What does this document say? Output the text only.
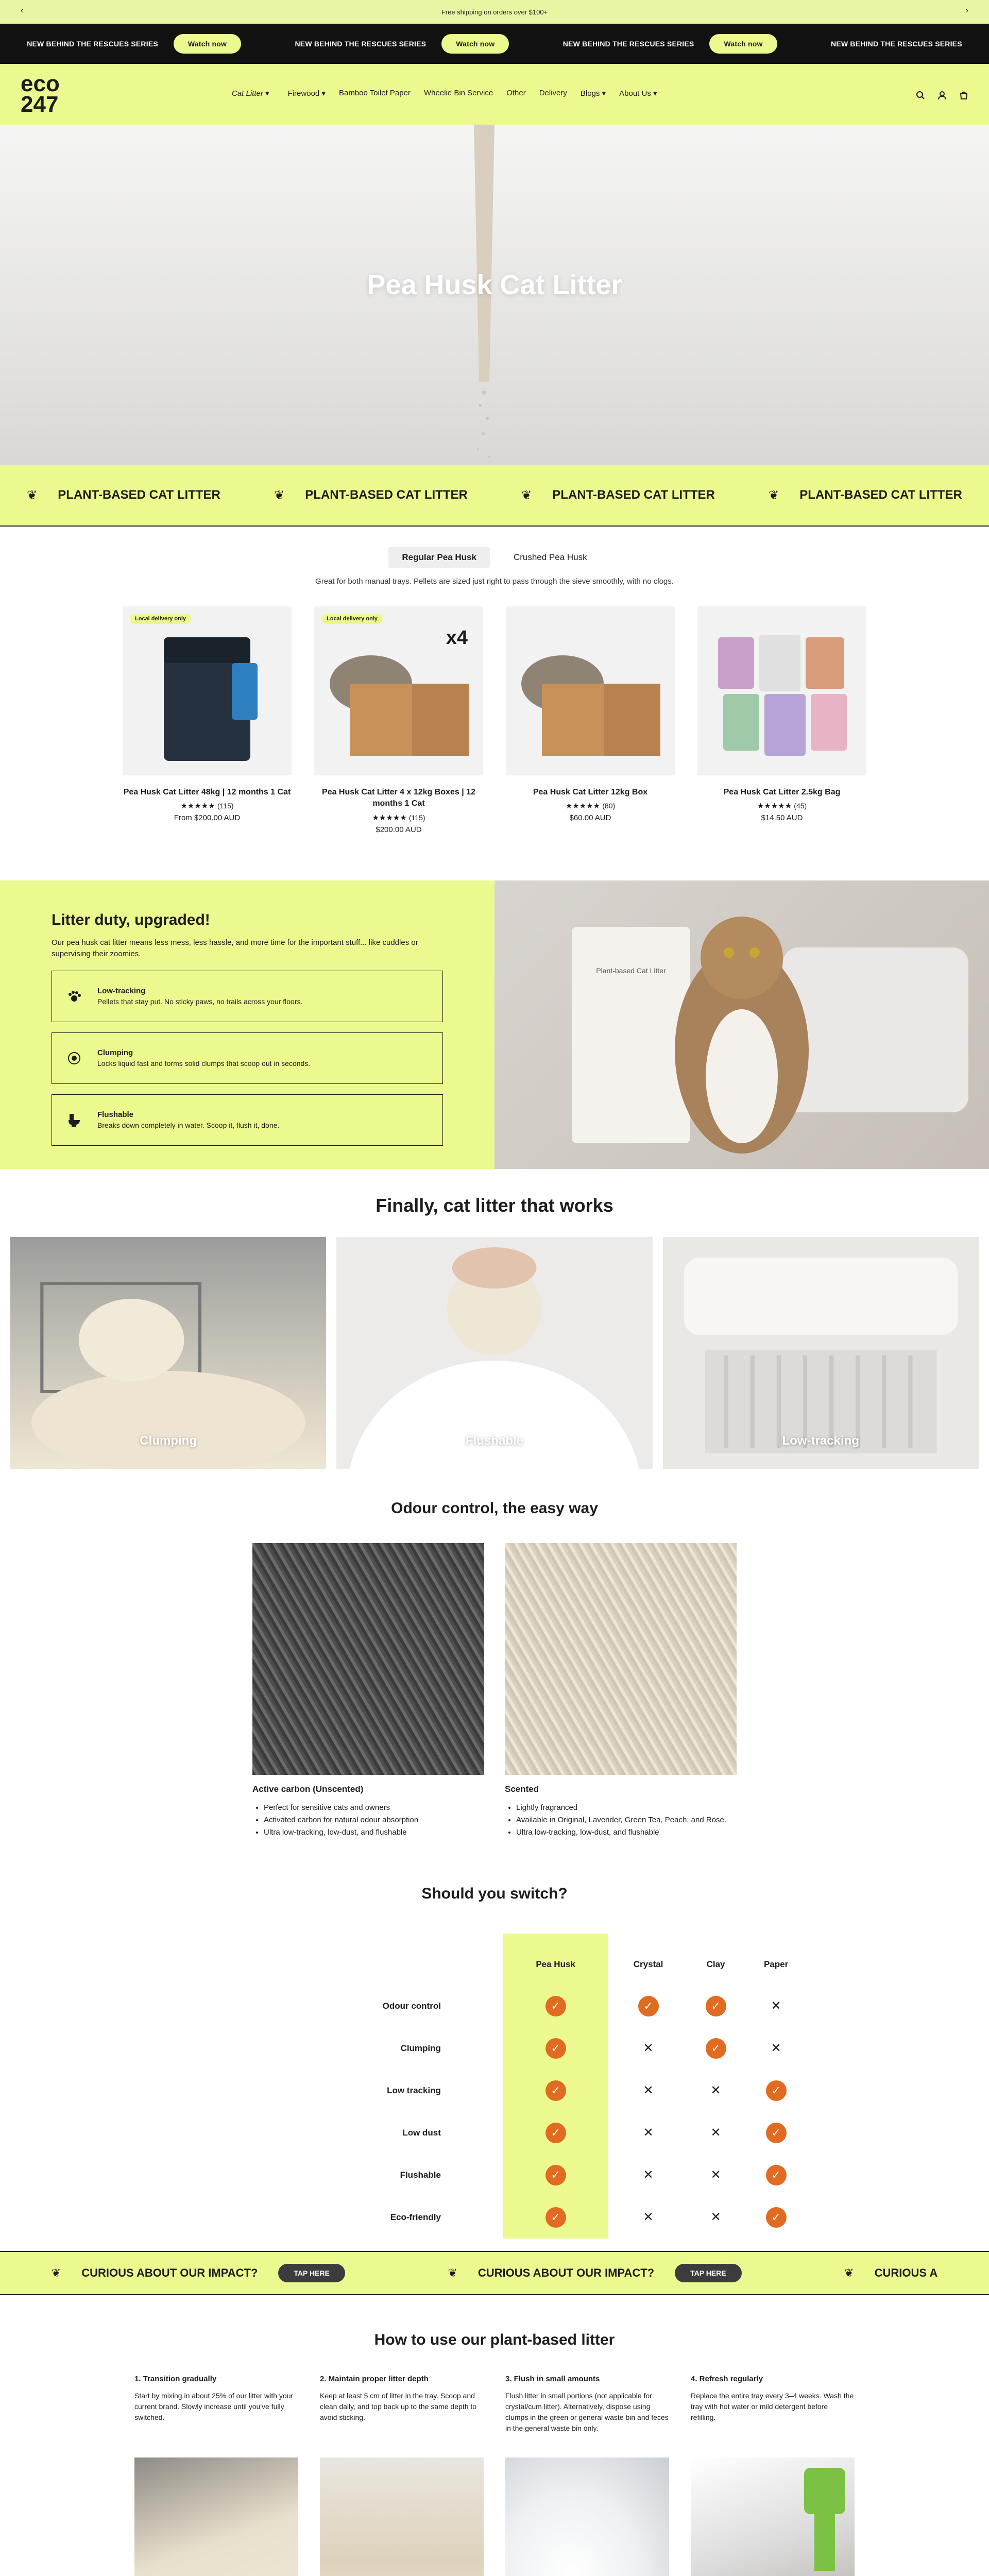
‹	Free shipping on orders over $100+	›
NEW BEHIND THE RESCUES SERIES	Watch now	NEW BEHIND THE RESCUES SERIES	Watch now	NEW BEHIND THE RESCUES SERIES	Watch now	NEW BEHIND THE RESCUES SERIES
eco
247	Cat Litter ▾	Firewood ▾ Bamboo Toilet Paper Wheelie Bin Service Other Delivery Blogs ▾ About Us ▾
Pea Husk Cat Litter
❦ PLANT-BASED CAT LITTER	❦ PLANT-BASED CAT LITTER	❦ PLANT-BASED CAT LITTER	❦ PLANT-BASED CAT LITTER
Regular Pea Husk	Crushed Pea Husk
Great for both manual trays. Pellets are sized just right to pass through the sieve smoothly, with no clogs.
Local delivery only
Pea Husk Cat Litter 48kg | 12 months 1 Cat
★★★★★ (115)
From $200.00 AUD
Local delivery only
x4
Pea Husk Cat Litter 4 x 12kg Boxes | 12 months 1 Cat
★★★★★ (115)
$200.00 AUD
Pea Husk Cat Litter 12kg Box
★★★★★ (80)
$60.00 AUD
Pea Husk Cat Litter 2.5kg Bag
★★★★★ (45)
$14.50 AUD
Litter duty, upgraded!

Our pea husk cat litter means less mess, less hassle, and more time for the important stuff... like cuddles or supervising their zoomies.

Low-tracking
Pellets that stay put. No sticky paws, no trails across your floors.
Clumping
Locks liquid fast and forms solid clumps that scoop out in seconds.
Flushable
Breaks down completely in water. Scoop it, flush it, done.
Plant-based Cat Litter
Finally, cat litter that works
Clumping	Flushable	Low-tracking
Odour control, the easy way
Active carbon (Unscented)
• Perfect for sensitive cats and owners
• Activated carbon for natural odour absorption
• Ultra low-tracking, low-dust, and flushable
Scented
• Lightly fragranced
• Available in Original, Lavender, Green Tea, Peach, and Rose.
• Ultra low-tracking, low-dust, and flushable
Should you switch?
	Pea Husk	Crystal	Clay	Paper
Odour control	✓	✓	✓	✕
Clumping	✓	✕	✓	✕
Low tracking	✓	✕	✕	✓
Low dust	✓	✕	✕	✓
Flushable	✓	✕	✕	✓
Eco-friendly	✓	✕	✕	✓
❦ CURIOUS ABOUT OUR IMPACT?	TAP HERE	❦ CURIOUS ABOUT OUR IMPACT?	TAP HERE	❦ CURIOUS A
How to use our plant-based litter
1. Transition gradually

Start by mixing in about 25% of our litter with your current brand. Slowly increase until you've fully switched.

2. Maintain proper litter depth

Keep at least 5 cm of litter in the tray. Scoop and clean daily, and top back up to the same depth to avoid sticking.

3. Flush in small amounts

Flush litter in small portions (not applicable for crystal/cum litter). Alternatively, dispose using clumps in the green or general waste bin and feces in the general waste bin only.

4. Refresh regularly

Replace the entire tray every 3–4 weeks. Wash the tray with hot water or mild detergent before refilling.
